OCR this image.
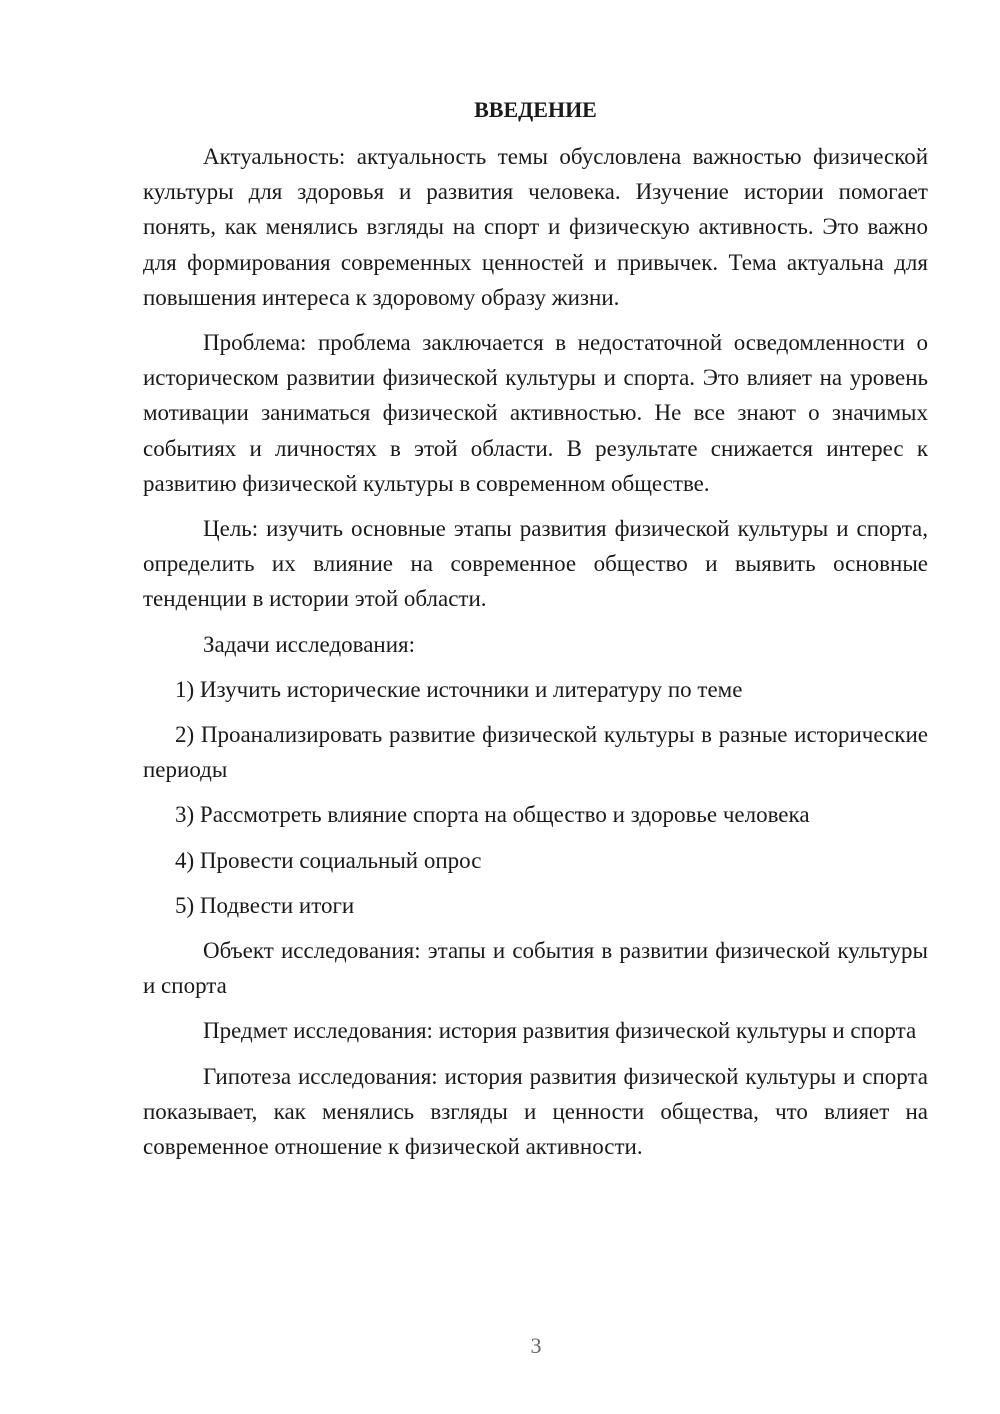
ВВЕДЕНИЕ

Актуальность: актуальность темы обусловлена важностью физической культуры для здоровья и развития человека. Изучение истории помогает понять, как менялись взгляды на спорт и физическую активность. Это важно для формирования современных ценностей и привычек. Тема актуальна для повышения интереса к здоровому образу жизни.

Проблема: проблема заключается в недостаточной осведомленности о историческом развитии физической культуры и спорта. Это влияет на уровень мотивации заниматься физической активностью. Не все знают о значимых событиях и личностях в этой области. В результате снижается интерес к развитию физической культуры в современном обществе.

Цель: изучить основные этапы развития физической культуры и спорта, определить их влияние на современное общество и выявить основные тенденции в истории этой области.

Задачи исследования:

1) Изучить исторические источники и литературу по теме

2) Проанализировать развитие физической культуры в разные исторические периоды

3) Рассмотреть влияние спорта на общество и здоровье человека

4) Провести социальный опрос

5) Подвести итоги

Объект исследования: этапы и события в развитии физической культуры и спорта

Предмет исследования: история развития физической культуры и спорта

Гипотеза исследования: история развития физической культуры и спорта показывает, как менялись взгляды и ценности общества, что влияет на современное отношение к физической активности.

3
